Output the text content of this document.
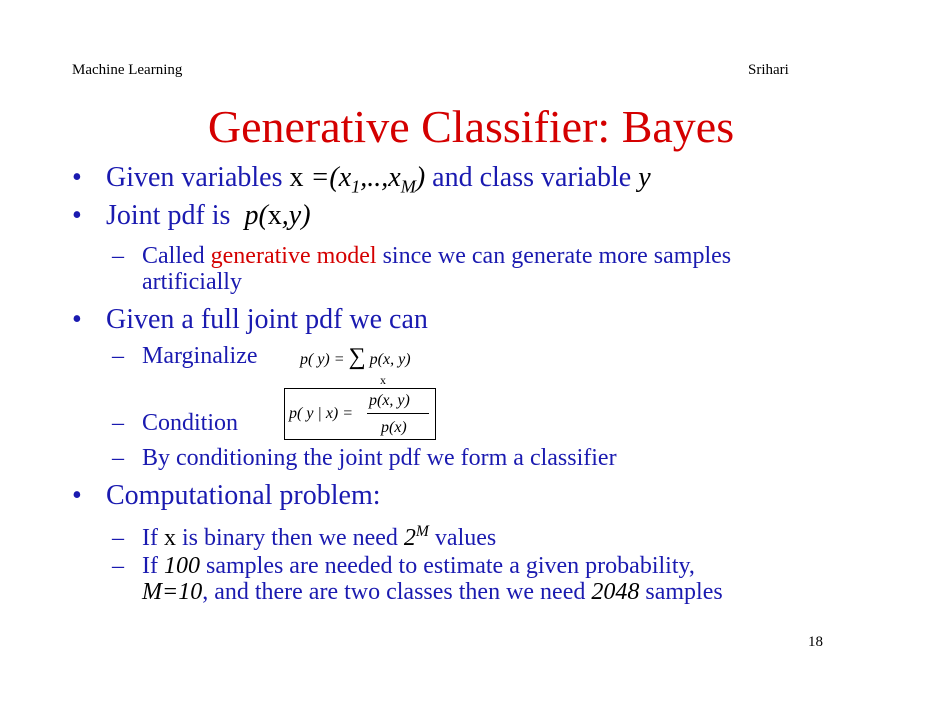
Machine Learning	Srihari
Generative Classifier: Bayes
• Given variables $x =(x_1,..,x_M)$ and class variable y
• Joint pdf is  p(x,y)
– Called generative model since we can generate more samples
artificially
• Given a full joint pdf we can
– Marginalize	p( y) = ∑ p(x, y)
x
p( y | x) =
p(x, y)
p(x)
– Condition
– By conditioning the joint pdf we form a classifier
• Computational problem:
– If x is binary then we need $2^M$ values
– If 100 samples are needed to estimate a given probability,
M=10, and there are two classes then we need 2048 samples
18
